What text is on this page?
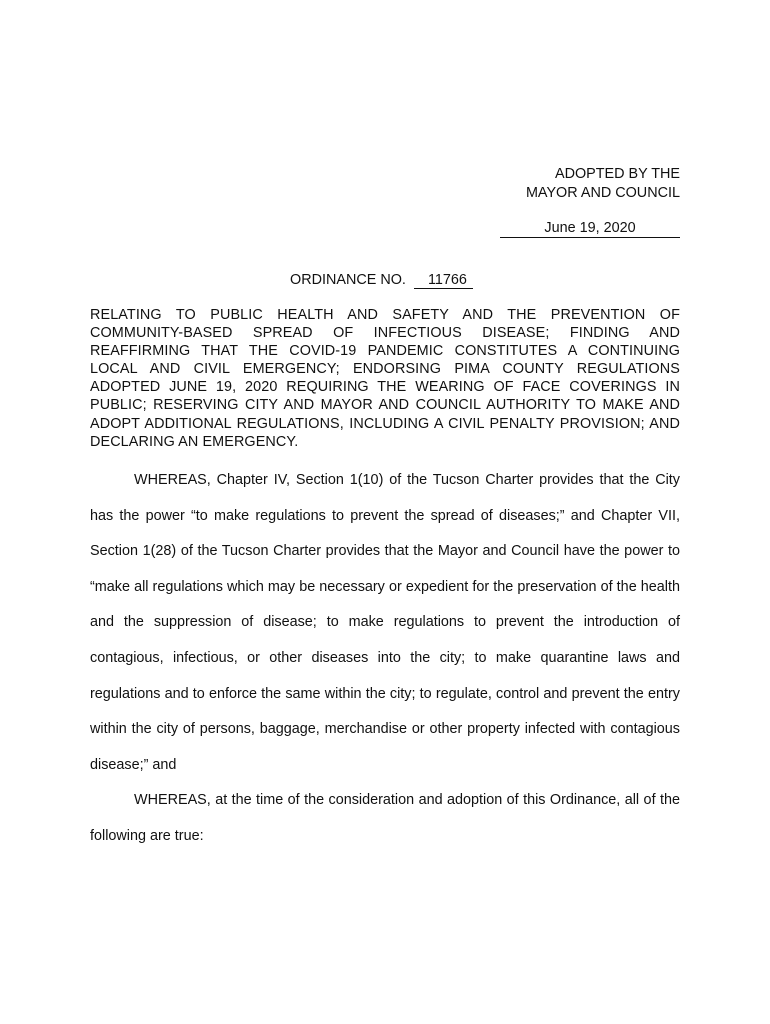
ADOPTED BY THE
MAYOR AND COUNCIL
June 19, 2020
ORDINANCE NO. 11766
RELATING TO PUBLIC HEALTH AND SAFETY AND THE PREVENTION OF COMMUNITY-BASED SPREAD OF INFECTIOUS DISEASE; FINDING AND REAFFIRMING THAT THE COVID-19 PANDEMIC CONSTITUTES A CONTINUING LOCAL AND CIVIL EMERGENCY; ENDORSING PIMA COUNTY REGULATIONS ADOPTED JUNE 19, 2020 REQUIRING THE WEARING OF FACE COVERINGS IN PUBLIC; RESERVING CITY AND MAYOR AND COUNCIL AUTHORITY TO MAKE AND ADOPT ADDITIONAL REGULATIONS, INCLUDING A CIVIL PENALTY PROVISION; AND DECLARING AN EMERGENCY.

WHEREAS, Chapter IV, Section 1(10) of the Tucson Charter provides that the City has the power “to make regulations to prevent the spread of diseases;” and Chapter VII, Section 1(28) of the Tucson Charter provides that the Mayor and Council have the power to “make all regulations which may be necessary or expedient for the preservation of the health and the suppression of disease; to make regulations to prevent the introduction of contagious, infectious, or other diseases into the city; to make quarantine laws and regulations and to enforce the same within the city; to regulate, control and prevent the entry within the city of persons, baggage, merchandise or other property infected with contagious disease;” and

WHEREAS, at the time of the consideration and adoption of this Ordinance, all of the following are true:
